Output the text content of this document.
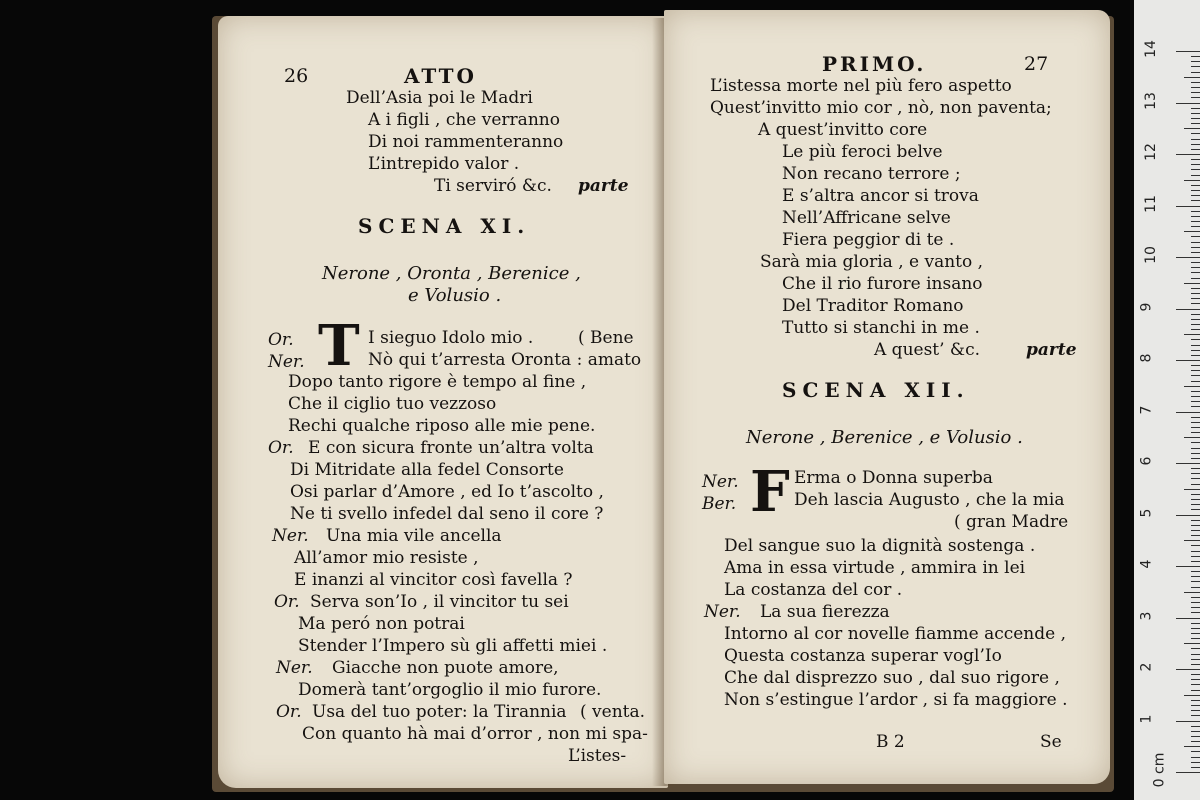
26	ATTO
Dell’Asia poi le Madri
A i figli , che verranno
Di noi rammenteranno
L’intrepido valor .
Ti serviró &c. parte
SCENA XI.
Nerone , Oronta , Berenice ,
e Volusio .
T
Or.	I sieguo Idolo mio .	( Bene
Ner.	Nò qui t’arresta Oronta : amato
Dopo tanto rigore è tempo al fine ,
Che il ciglio tuo vezzoso
Rechi qualche riposo alle mie pene.
Or. E con sicura fronte un’altra volta
Di Mitridate alla fedel Consorte
Osi parlar d’Amore , ed Io t’ascolto ,
Ne ti svello infedel dal seno il core ?
Ner. Una mia vile ancella
All’amor mio resiste ,
E inanzi al vincitor così favella ?
Or. Serva son’Io , il vincitor tu sei
Ma peró non potrai
Stender l’Impero sù gli affetti miei .
Ner. Giacche non puote amore,
Domerà tant’orgoglio il mio furore.
Or. Usa del tuo poter: la Tirannia ( venta.
Con quanto hà mai d’orror , non mi spa-
L’istes-
PRIMO.	27
L’istessa morte nel più fero aspetto
Quest’invitto mio cor , nò, non paventa;
A quest’invitto core
Le più feroci belve
Non recano terrore ;
E s’altra ancor si trova
Nell’Affricane selve
Fiera peggior di te .
Sarà mia gloria , e vanto ,
Che il rio furore insano
Del Traditor Romano
Tutto si stanchi in me .
A quest’ &c.	parte
SCENA XII.
Nerone , Berenice , e Volusio .
F
Ner.	Erma o Donna superba
Ber.	Deh lascia Augusto , che la mia
( gran Madre
Del sangue suo la dignità sostenga .
Ama in essa virtude , ammira in lei
La costanza del cor .
Ner. La sua fierezza
Intorno al cor novelle fiamme accende ,
Questa costanza superar vogl’Io
Che dal disprezzo suo , dal suo rigore ,
Non s’estingue l’ardor , si fa maggiore .
B 2	Se
0 cm
1
2
3
4
5
6
7
8
9
10
11
12
13
14
